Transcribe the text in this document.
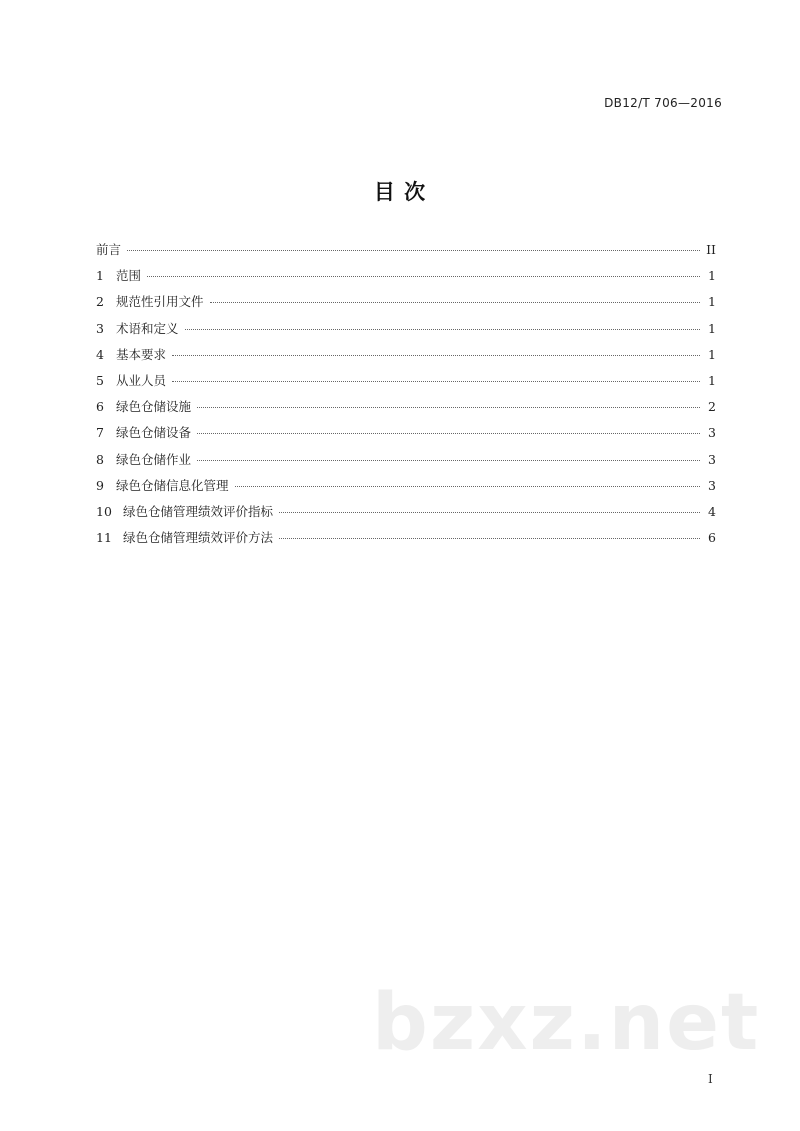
DB12/T 706—2016
目 次
前言	II
1 范围	1
2 规范性引用文件	1
3 术语和定义	1
4 基本要求	1
5 从业人员	1
6 绿色仓储设施	2
7 绿色仓储设备	3
8 绿色仓储作业	3
9 绿色仓储信息化管理	3
10 绿色仓储管理绩效评价指标	4
11 绿色仓储管理绩效评价方法	6
bzxz.net
I
